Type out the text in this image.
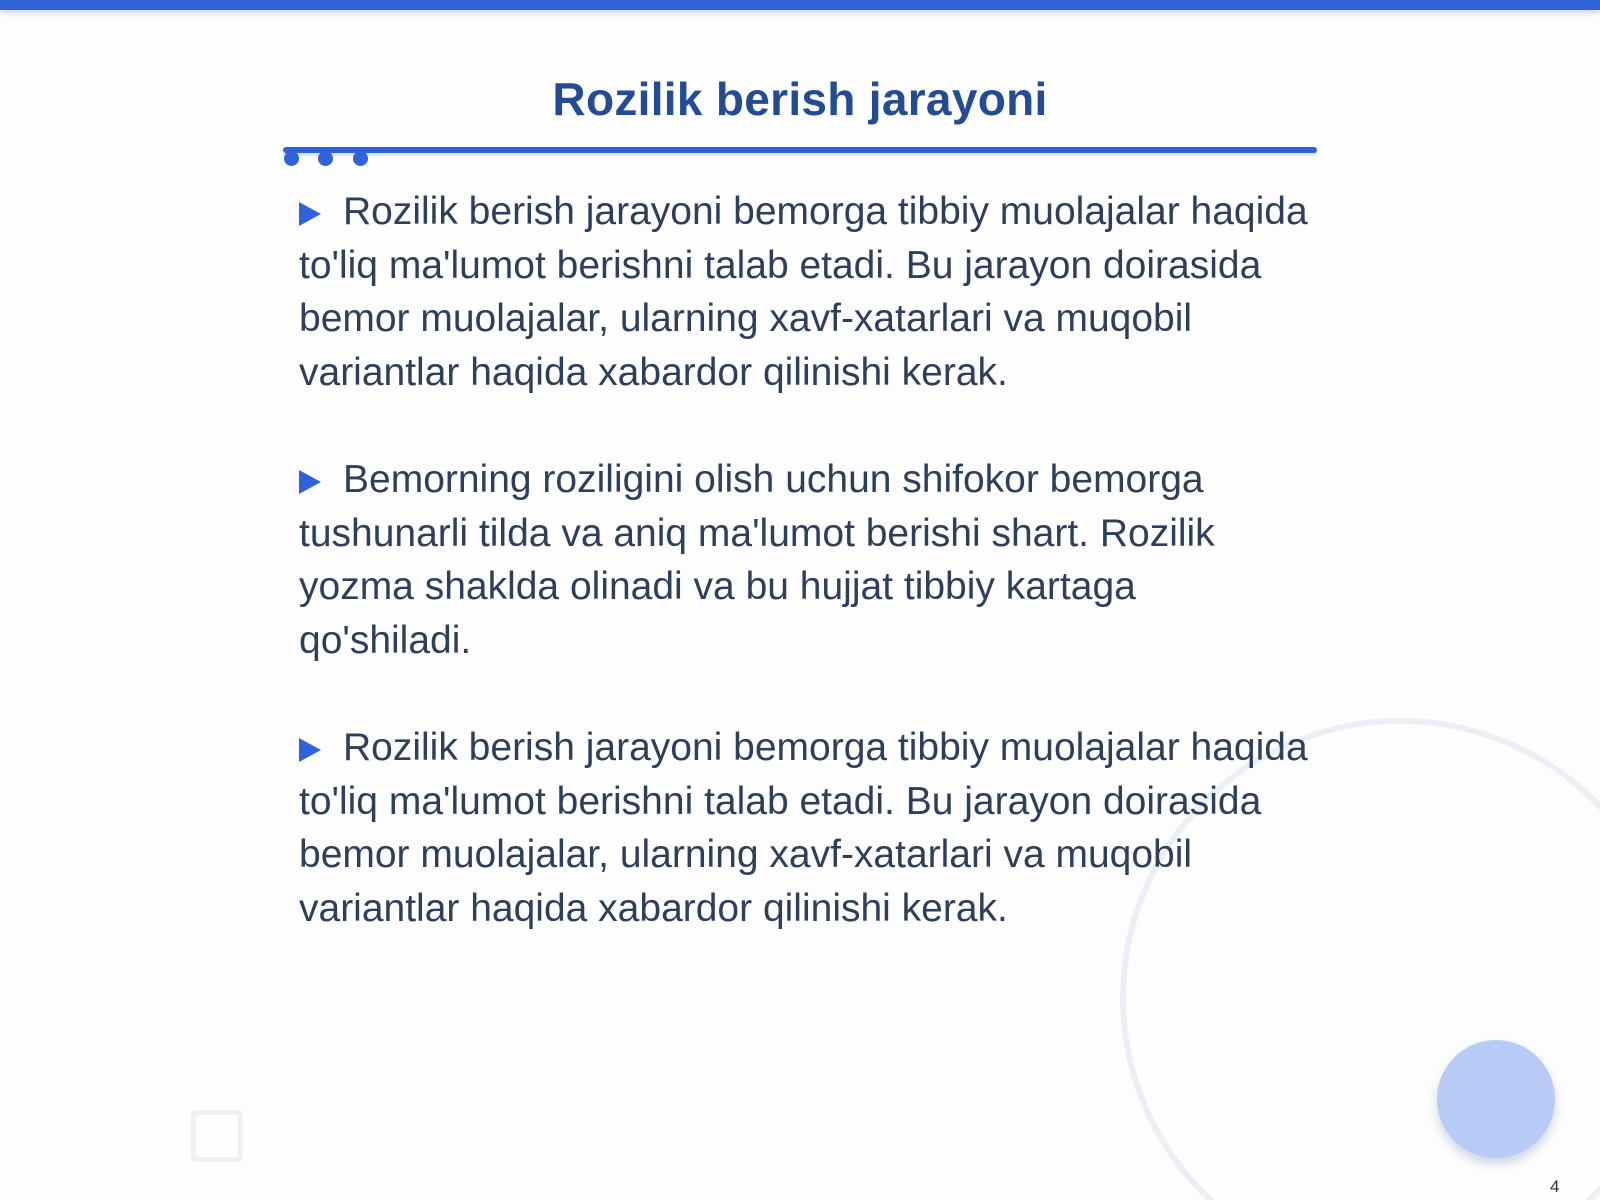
Rozilik berish jarayoni

Rozilik berish jarayoni bemorga tibbiy muolajalar haqida to'liq ma'lumot berishni talab etadi. Bu jarayon doirasida bemor muolajalar, ularning xavf-xatarlari va muqobil variantlar haqida xabardor qilinishi kerak.

Bemorning roziligini olish uchun shifokor bemorga tushunarli tilda va aniq ma'lumot berishi shart. Rozilik yozma shaklda olinadi va bu hujjat tibbiy kartaga qo'shiladi.

Rozilik berish jarayoni bemorga tibbiy muolajalar haqida to'liq ma'lumot berishni talab etadi. Bu jarayon doirasida bemor muolajalar, ularning xavf-xatarlari va muqobil variantlar haqida xabardor qilinishi kerak.

4
